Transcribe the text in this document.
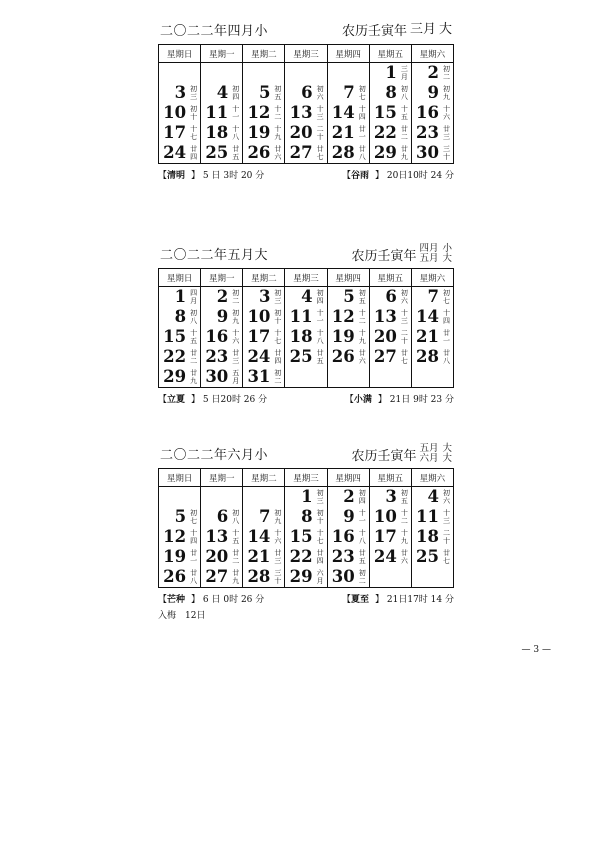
二〇二二年四月小	农历壬寅年 三月 大
星期日	星期一	星期二	星期三	星期四	星期五	星期六

					1 三月	2 初二

3 初三	4 初四	5 初五	6 初六	7 初七	8 初八	9 初九

10 初十	11 十一	12 十二	13 十三	14 十四	15 十五	16 十六

17 十七	18 十八	19 十九	20 二十	21 廿一	22 廿二	23 廿三

24 廿四	25 廿五	26 廿六	27 廿七	28 廿八	29 廿九	30 三十
【清明 】 5 日 3时 20 分	【谷雨 】 20日10时 24 分
二〇二二年五月大	农历壬寅年 四月 小
五月 大
星期日	星期一	星期二	星期三	星期四	星期五	星期六

1 四月	2 初二	3 初三	4 初四	5 初五	6 初六	7 初七

8 初八	9 初九	10 初十	11 十一	12 十二	13 十三	14 十四

15 十五	16 十六	17 十七	18 十八	19 十九	20 二十	21 廿一

22 廿二	23 廿三	24 廿四	25 廿五	26 廿六	27 廿七	28 廿八

29 廿九	30 五月	31 初二				

【立夏 】 5 日20时 26 分	【小满 】 21日 9时 23 分
二〇二二年六月小	农历壬寅年 五月 大
六月 大
星期日	星期一	星期二	星期三	星期四	星期五	星期六

			1 初三	2 初四	3 初五	4 初六

5 初七	6 初八	7 初九	8 初十	9 十一	10 十二	11 十三

12 十四	13 十五	14 十六	15 十七	16 十八	17 十九	18 二十

19 廿一	20 廿二	21 廿三	22 廿四	23 廿五	24 廿六	25 廿七

26 廿八	27 廿九	28 三十	29 六月	30 初二		

【芒种 】 6 日 0时 26 分	【夏至 】 21日17时 14 分
入梅　12日
— 3 —
